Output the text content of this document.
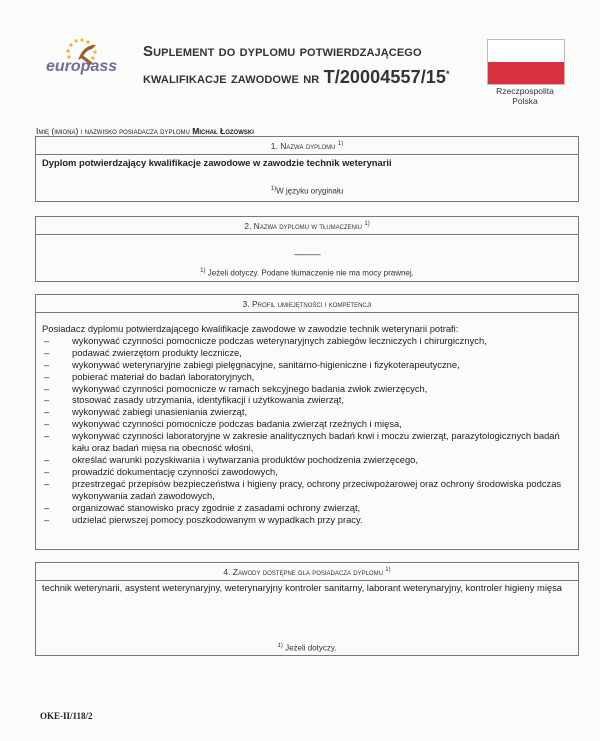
europass
Suplement do dyplomu potwierdzającego
kwalifikacje zawodowe nr T/20004557/15*
Rzeczpospolita
Polska
Imię (imiona) i nazwisko posiadacza dyplomu Michał Łozowski
1. Nazwa dyplomu $^{1)}$
Dyplom potwierdzający kwalifikacje zawodowe w zawodzie technik weterynarii
$^{1)}$W języku oryginału
2. Nazwa dyplomu w tłumaczeniu $^{1)}$
______
$^{1)}$ Jeżeli dotyczy. Podane tłumaczenie nie ma mocy prawnej.
3. Profil umiejętności i kompetencji
Posiadacz dyplomu potwierdzającego kwalifikacje zawodowe w zawodzie technik weterynarii potrafi:
– wykonywać czynności pomocnicze podczas weterynaryjnych zabiegów leczniczych i chirurgicznych,
– podawać zwierzętom produkty lecznicze,
– wykonywać weterynaryjne zabiegi pielęgnacyjne, sanitarno-higieniczne i fizykoterapeutyczne,
– pobierać materiał do badań laboratoryjnych,
– wykonywać czynności pomocnicze w ramach sekcyjnego badania zwłok zwierzęcych,
– stosować zasady utrzymania, identyfikacji i użytkowania zwierząt,
– wykonywać zabiegi unasieniania zwierząt,
– wykonywać czynności pomocnicze podczas badania zwierząt rzeźnych i mięsa,
– wykonywać czynności laboratoryjne w zakresie analitycznych badań krwi i moczu zwierząt, parazytologicznych badań kału oraz badań mięsa na obecność włośni,
– określać warunki pozyskiwania i wytwarzania produktów pochodzenia zwierzęcego,
– prowadzić dokumentację czynności zawodowych,
– przestrzegać przepisów bezpieczeństwa i higieny pracy, ochrony przeciwpożarowej oraz ochrony środowiska podczas wykonywania zadań zawodowych,
– organizować stanowisko pracy zgodnie z zasadami ochrony zwierząt,
– udzielać pierwszej pomocy poszkodowanym w wypadkach przy pracy.
4. Zawody dostępne dla posiadacza dyplomu $^{1)}$
technik weterynarii, asystent weterynaryjny, weterynaryjny kontroler sanitarny, laborant weterynaryjny, kontroler higieny mięsa
$^{1)}$ Jeżeli dotyczy.
OKE-II/118/2
